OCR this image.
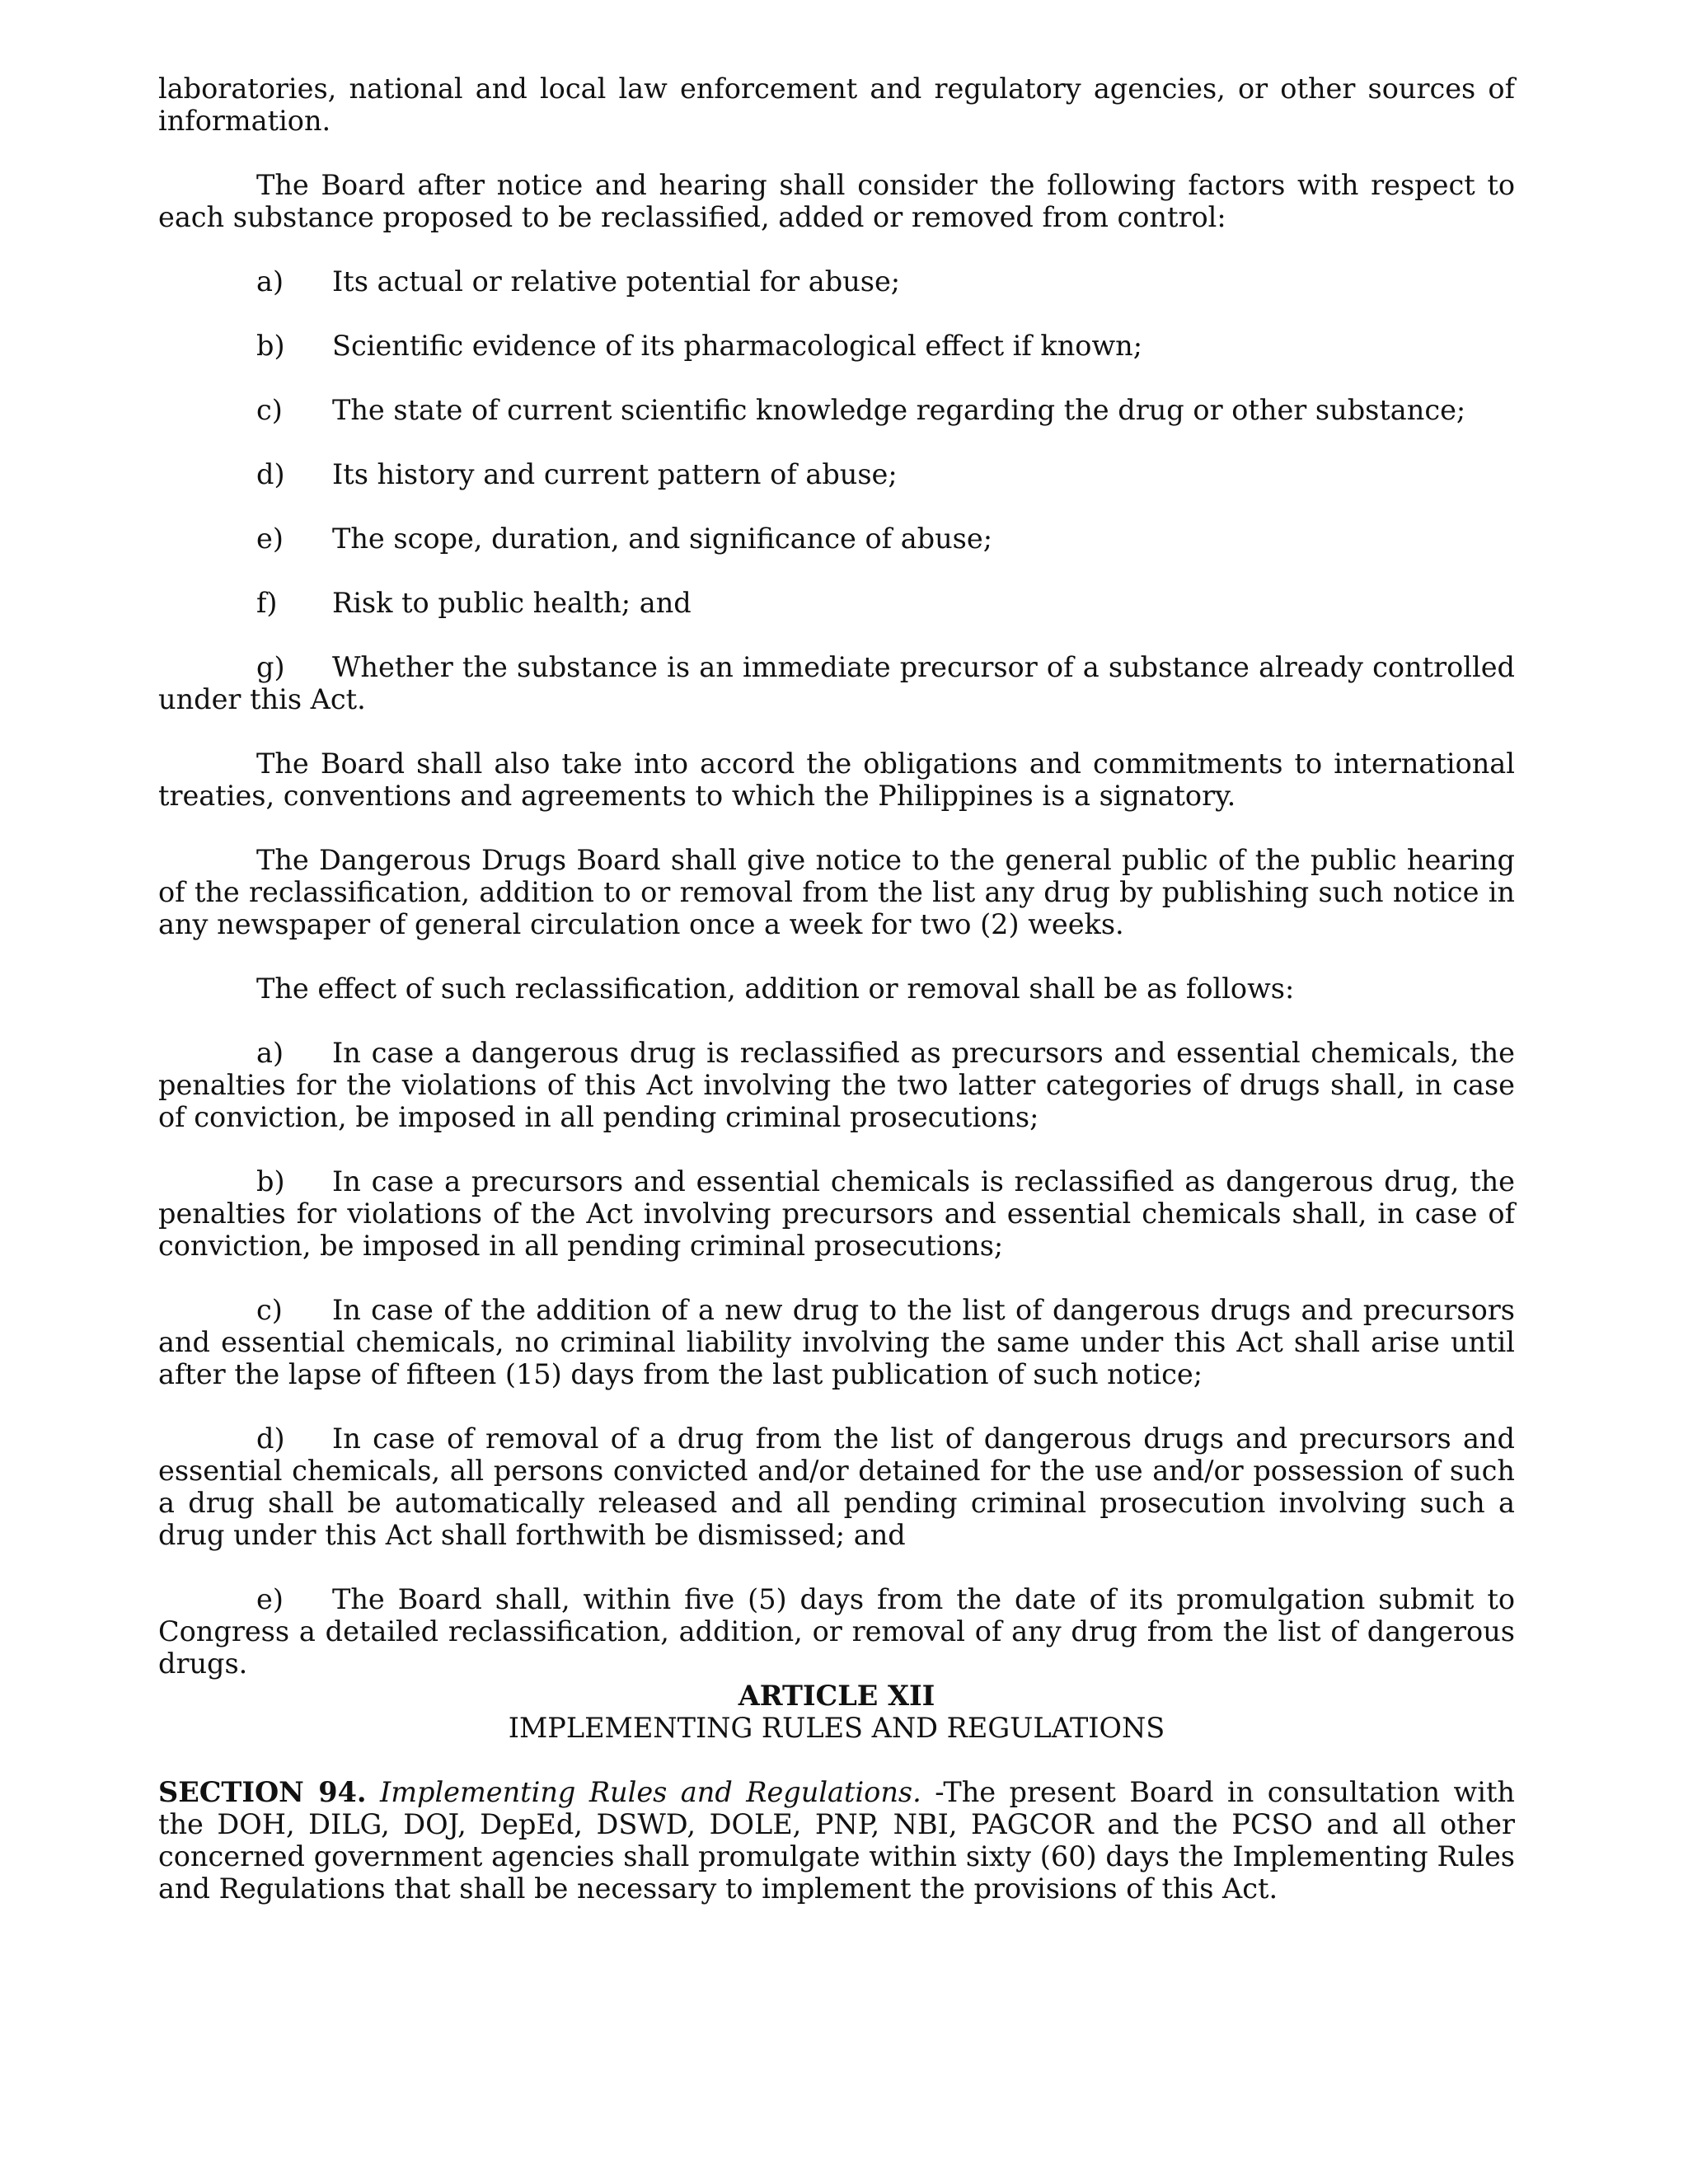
laboratories, national and local law enforcement and regulatory agencies, or other sources of information.

The Board after notice and hearing shall consider the following factors with respect to each substance proposed to be reclassified, added or removed from control:

a) Its actual or relative potential for abuse;
b) Scientific evidence of its pharmacological effect if known;
c) The state of current scientific knowledge regarding the drug or other substance;
d) Its history and current pattern of abuse;
e) The scope, duration, and significance of abuse;
f) Risk to public health; and

g) Whether the substance is an immediate precursor of a substance already controlled under this Act.

The Board shall also take into accord the obligations and commitments to international treaties, conventions and agreements to which the Philippines is a signatory.

The Dangerous Drugs Board shall give notice to the general public of the public hearing of the reclassification, addition to or removal from the list any drug by publishing such notice in any newspaper of general circulation once a week for two (2) weeks.

The effect of such reclassification, addition or removal shall be as follows:

a) In case a dangerous drug is reclassified as precursors and essential chemicals, the penalties for the violations of this Act involving the two latter categories of drugs shall, in case of conviction, be imposed in all pending criminal prosecutions;

b) In case a precursors and essential chemicals is reclassified as dangerous drug, the penalties for violations of the Act involving precursors and essential chemicals shall, in case of conviction, be imposed in all pending criminal prosecutions;

c) In case of the addition of a new drug to the list of dangerous drugs and precursors and essential chemicals, no criminal liability involving the same under this Act shall arise until after the lapse of fifteen (15) days from the last publication of such notice;

d) In case of removal of a drug from the list of dangerous drugs and precursors and essential chemicals, all persons convicted and/or detained for the use and/or possession of such a drug shall be automatically released and all pending criminal prosecution involving such a drug under this Act shall forthwith be dismissed; and

e) The Board shall, within five (5) days from the date of its promulgation submit to Congress a detailed reclassification, addition, or removal of any drug from the list of dangerous drugs.

ARTICLE XII

IMPLEMENTING RULES AND REGULATIONS

SECTION 94. Implementing Rules and Regulations. -The present Board in consultation with the DOH, DILG, DOJ, DepEd, DSWD, DOLE, PNP, NBI, PAGCOR and the PCSO and all other concerned government agencies shall promulgate within sixty (60) days the Implementing Rules and Regulations that shall be necessary to implement the provisions of this Act.
